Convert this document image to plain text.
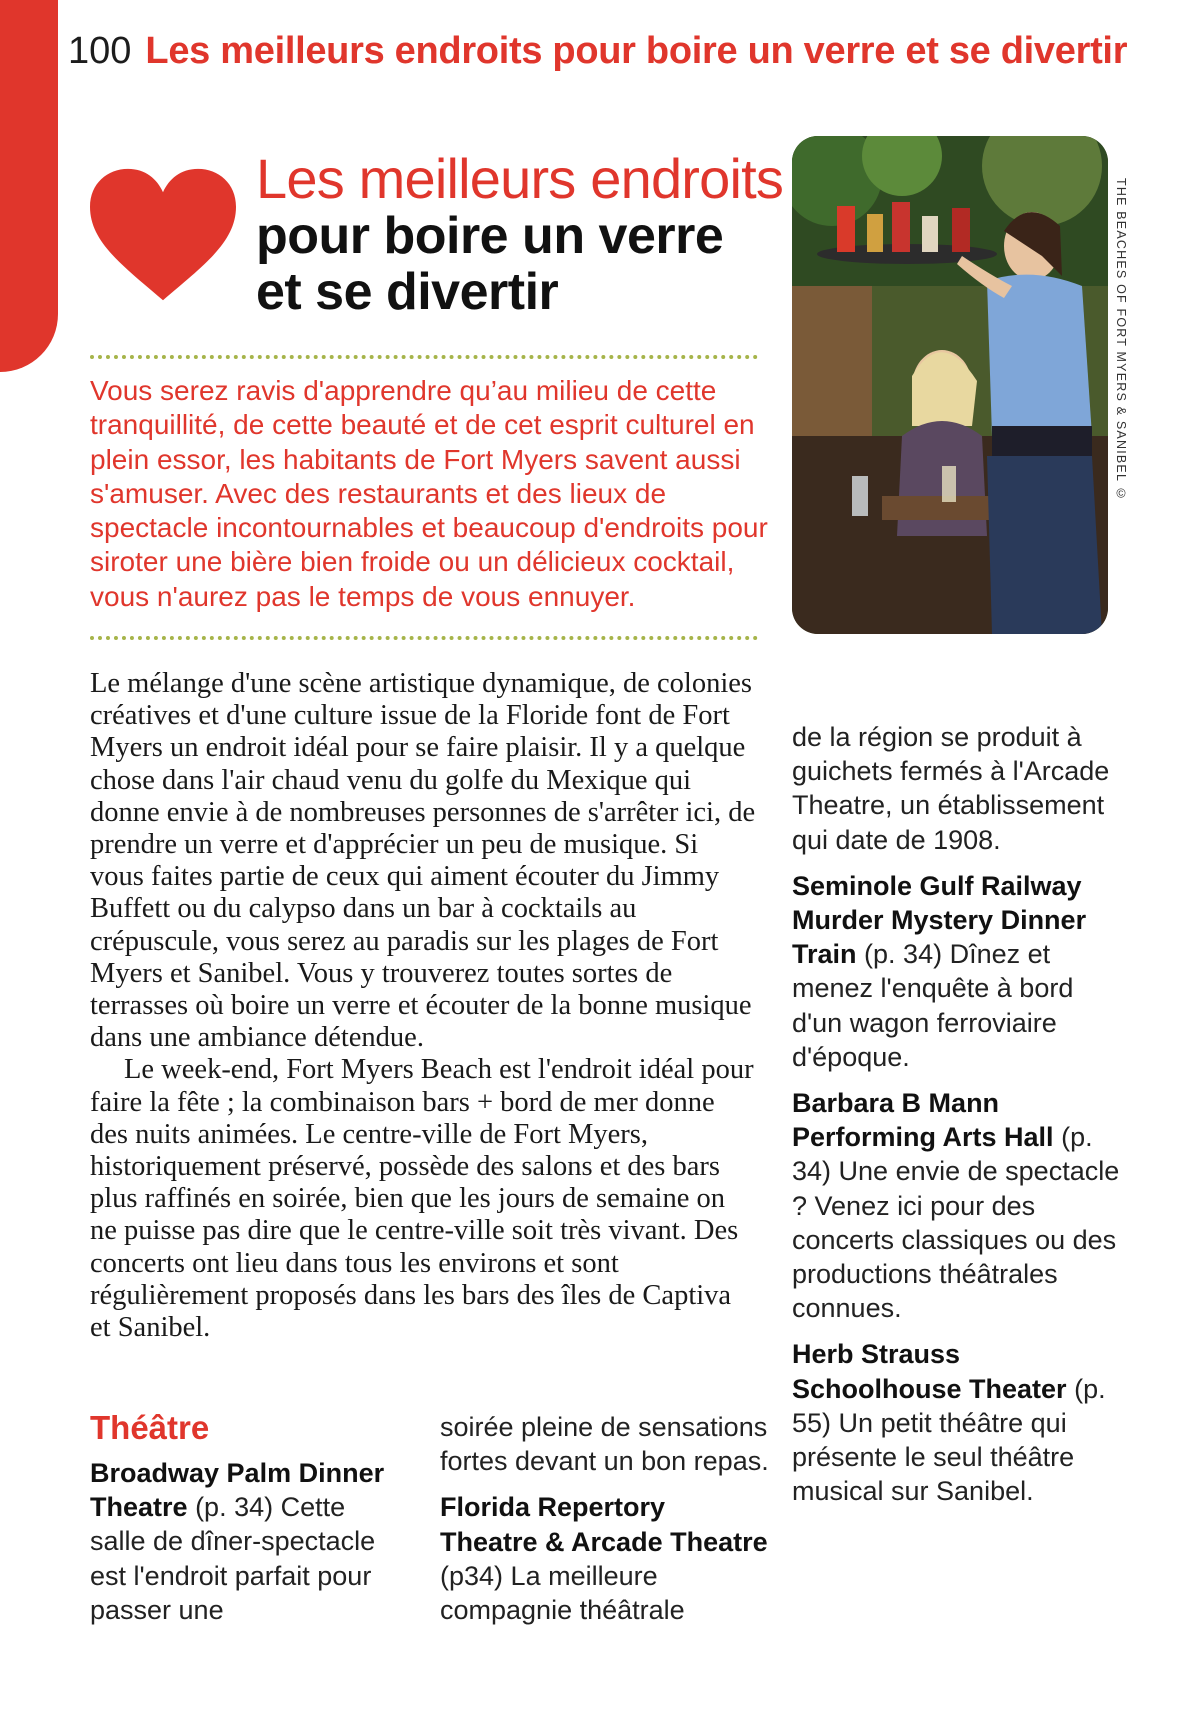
100 Les meilleurs endroits pour boire un verre et se divertir
Les meilleurs endroits
pour boire un verre
et se divertir

Vous serez ravis d'apprendre qu’au milieu de cette tranquillité, de cette beauté et de cet esprit culturel en plein essor, les habitants de Fort Myers savent aussi s'amuser. Avec des restaurants et des lieux de spectacle incontournables et beaucoup d'endroits pour siroter une bière bien froide ou un délicieux cocktail, vous n'aurez pas le temps de vous ennuyer.

THE BEACHES OF FORT MYERS & SANIBEL ©

Le mélange d'une scène artistique dynamique, de colonies créatives et d'une culture issue de la Floride font de Fort Myers un endroit idéal pour se faire plaisir. Il y a quelque chose dans l'air chaud venu du golfe du Mexique qui donne envie à de nombreuses personnes de s'arrêter ici, de prendre un verre et d'apprécier un peu de musique. Si vous faites partie de ceux qui aiment écouter du Jimmy Buffett ou du calypso dans un bar à cocktails au crépuscule, vous serez au paradis sur les plages de Fort Myers et Sanibel. Vous y trouverez toutes sortes de terrasses où boire un verre et écouter de la bonne musique dans une ambiance détendue.

Le week-end, Fort Myers Beach est l'endroit idéal pour faire la fête ; la combinaison bars + bord de mer donne des nuits animées. Le centre-ville de Fort Myers, historiquement préservé, possède des salons et des bars plus raffinés en soirée, bien que les jours de semaine on ne puisse pas dire que le centre-ville soit très vivant. Des concerts ont lieu dans tous les environs et sont régulièrement proposés dans les bars des îles de Captiva et Sanibel.

Théâtre

Broadway Palm Dinner Theatre (p. 34) Cette salle de dîner-spectacle est l'endroit parfait pour passer une

soirée pleine de sensations fortes devant un bon repas.

Florida Repertory Theatre & Arcade Theatre (p34) La meilleure compagnie théâtrale

de la région se produit à guichets fermés à l'Arcade Theatre, un établissement qui date de 1908.

Seminole Gulf Railway Murder Mystery Dinner Train (p. 34) Dînez et menez l'enquête à bord d'un wagon ferroviaire d'époque.

Barbara B Mann Performing Arts Hall (p. 34) Une envie de spectacle ? Venez ici pour des concerts classiques ou des productions théâtrales connues.

Herb Strauss Schoolhouse Theater (p. 55) Un petit théâtre qui présente le seul théâtre musical sur Sanibel.
